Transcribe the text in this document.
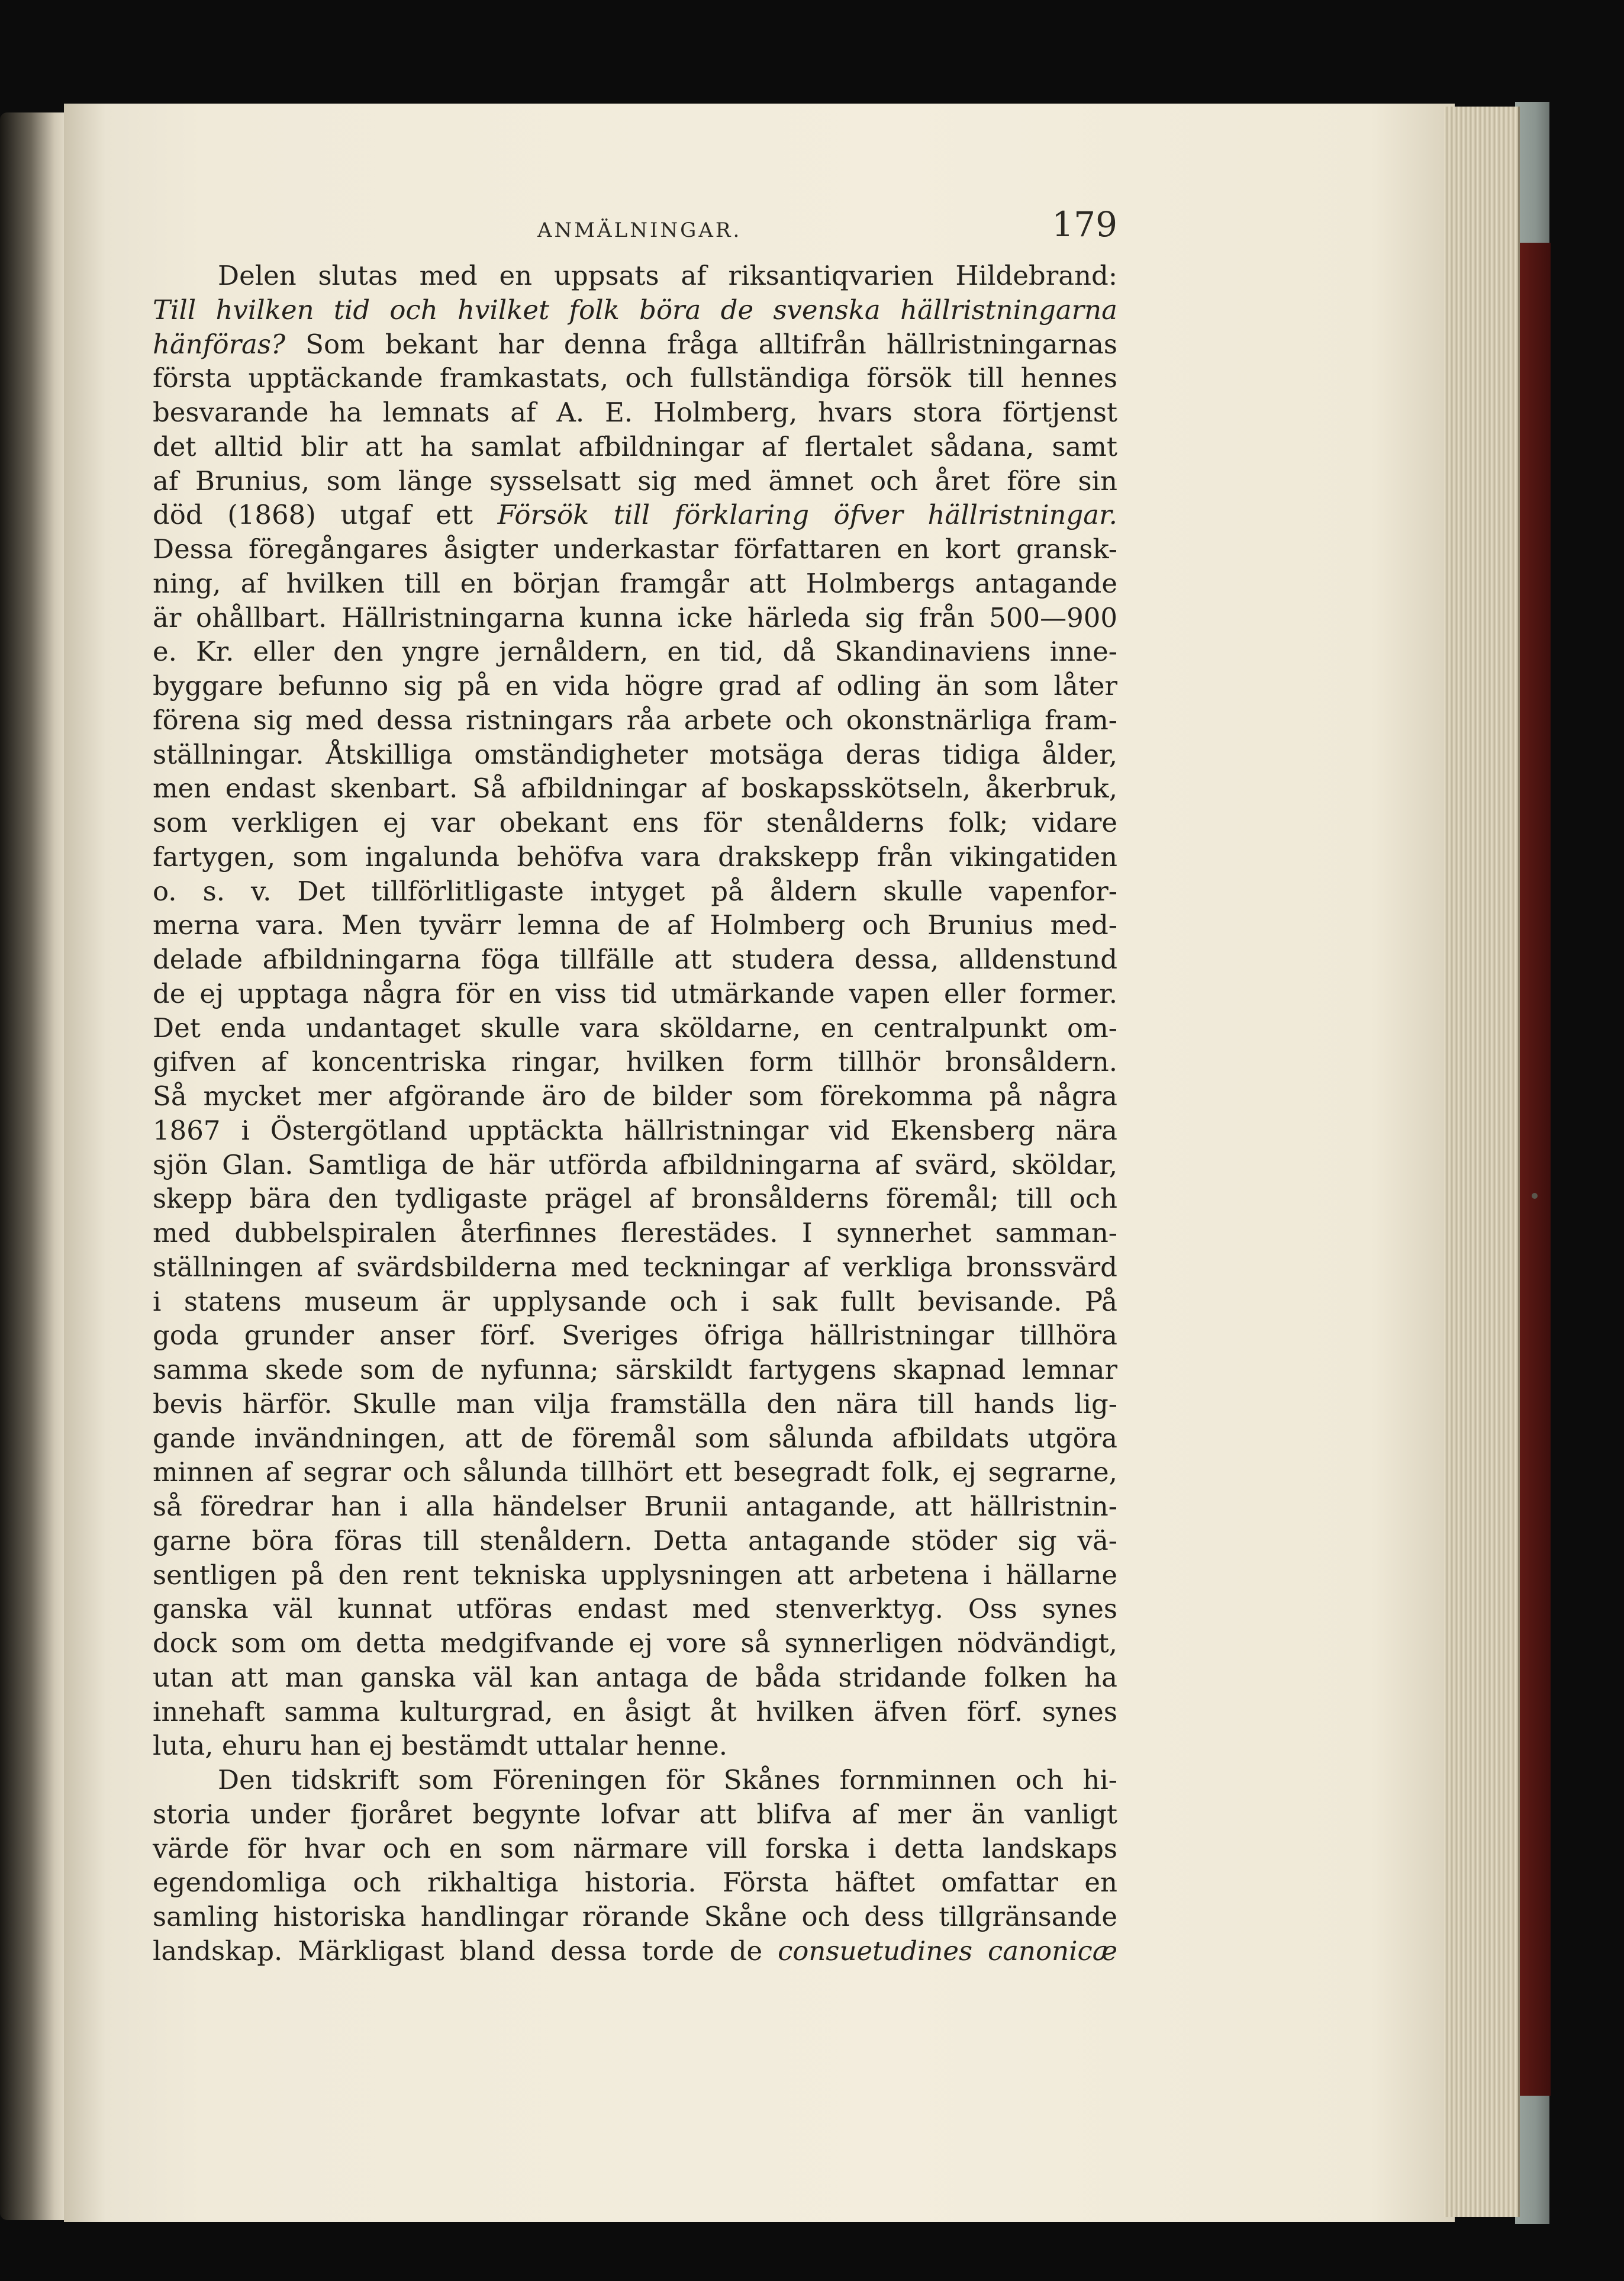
ANMÄLNINGAR.	179
Delen slutas med en uppsats af riksantiqvarien Hildebrand:
Till hvilken tid och hvilket folk böra de svenska hällristningarna
hänföras? Som bekant har denna fråga alltifrån hällristningarnas
första upptäckande framkastats, och fullständiga försök till hennes
besvarande ha lemnats af A. E. Holmberg, hvars stora förtjenst
det alltid blir att ha samlat afbildningar af flertalet sådana, samt
af Brunius, som länge sysselsatt sig med ämnet och året före sin
död (1868) utgaf ett Försök till förklaring öfver hällristningar.
Dessa föregångares åsigter underkastar författaren en kort gransk-
ning, af hvilken till en början framgår att Holmbergs antagande
är ohållbart. Hällristningarna kunna icke härleda sig från 500—900
e. Kr. eller den yngre jernåldern, en tid, då Skandinaviens inne-
byggare befunno sig på en vida högre grad af odling än som låter
förena sig med dessa ristningars råa arbete och okonstnärliga fram-
ställningar. Åtskilliga omständigheter motsäga deras tidiga ålder,
men endast skenbart. Så afbildningar af boskapsskötseln, åkerbruk,
som verkligen ej var obekant ens för stenålderns folk; vidare
fartygen, som ingalunda behöfva vara drakskepp från vikingatiden
o. s. v. Det tillförlitligaste intyget på åldern skulle vapenfor-
merna vara. Men tyvärr lemna de af Holmberg och Brunius med-
delade afbildningarna föga tillfälle att studera dessa, alldenstund
de ej upptaga några för en viss tid utmärkande vapen eller former.
Det enda undantaget skulle vara sköldarne, en centralpunkt om-
gifven af koncentriska ringar, hvilken form tillhör bronsåldern.
Så mycket mer afgörande äro de bilder som förekomma på några
1867 i Östergötland upptäckta hällristningar vid Ekensberg nära
sjön Glan. Samtliga de här utförda afbildningarna af svärd, sköldar,
skepp bära den tydligaste prägel af bronsålderns föremål; till och
med dubbelspiralen återfinnes flerestädes. I synnerhet samman-
ställningen af svärdsbilderna med teckningar af verkliga bronssvärd
i statens museum är upplysande och i sak fullt bevisande. På
goda grunder anser förf. Sveriges öfriga hällristningar tillhöra
samma skede som de nyfunna; särskildt fartygens skapnad lemnar
bevis härför. Skulle man vilja framställa den nära till hands lig-
gande invändningen, att de föremål som sålunda afbildats utgöra
minnen af segrar och sålunda tillhört ett besegradt folk, ej segrarne,
så föredrar han i alla händelser Brunii antagande, att hällristnin-
garne böra föras till stenåldern. Detta antagande stöder sig vä-
sentligen på den rent tekniska upplysningen att arbetena i hällarne
ganska väl kunnat utföras endast med stenverktyg. Oss synes
dock som om detta medgifvande ej vore så synnerligen nödvändigt,
utan att man ganska väl kan antaga de båda stridande folken ha
innehaft samma kulturgrad, en åsigt åt hvilken äfven förf. synes
luta, ehuru han ej bestämdt uttalar henne.
Den tidskrift som Föreningen för Skånes fornminnen och hi-
storia under fjoråret begynte lofvar att blifva af mer än vanligt
värde för hvar och en som närmare vill forska i detta landskaps
egendomliga och rikhaltiga historia. Första häftet omfattar en
samling historiska handlingar rörande Skåne och dess tillgränsande
landskap. Märkligast bland dessa torde de consuetudines canonicæ
